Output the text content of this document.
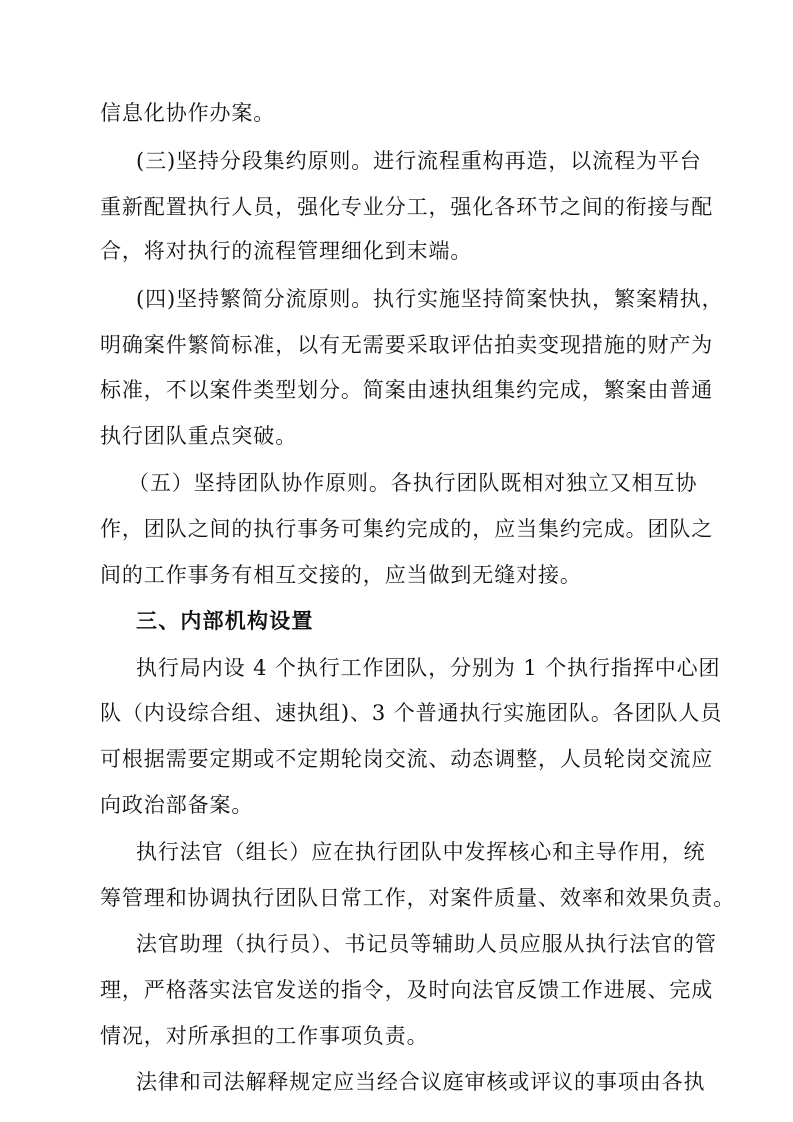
信息化协作办案。
(三)坚持分段集约原则。进行流程重构再造，以流程为平台
重新配置执行人员，强化专业分工，强化各环节之间的衔接与配
合，将对执行的流程管理细化到末端。
(四)坚持繁简分流原则。执行实施坚持简案快执，繁案精执，
明确案件繁简标准，以有无需要采取评估拍卖变现措施的财产为
标准，不以案件类型划分。简案由速执组集约完成，繁案由普通
执行团队重点突破。
（五）坚持团队协作原则。各执行团队既相对独立又相互协
作，团队之间的执行事务可集约完成的，应当集约完成。团队之
间的工作事务有相互交接的，应当做到无缝对接。
三、内部机构设置
执行局内设 4 个执行工作团队，分别为 1 个执行指挥中心团
队（内设综合组、速执组)、3 个普通执行实施团队。各团队人员
可根据需要定期或不定期轮岗交流、动态调整，人员轮岗交流应
向政治部备案。
执行法官（组长）应在执行团队中发挥核心和主导作用，统
筹管理和协调执行团队日常工作，对案件质量、效率和效果负责。
法官助理（执行员）、书记员等辅助人员应服从执行法官的管
理，严格落实法官发送的指令，及时向法官反馈工作进展、完成
情况，对所承担的工作事项负责。
法律和司法解释规定应当经合议庭审核或评议的事项由各执
